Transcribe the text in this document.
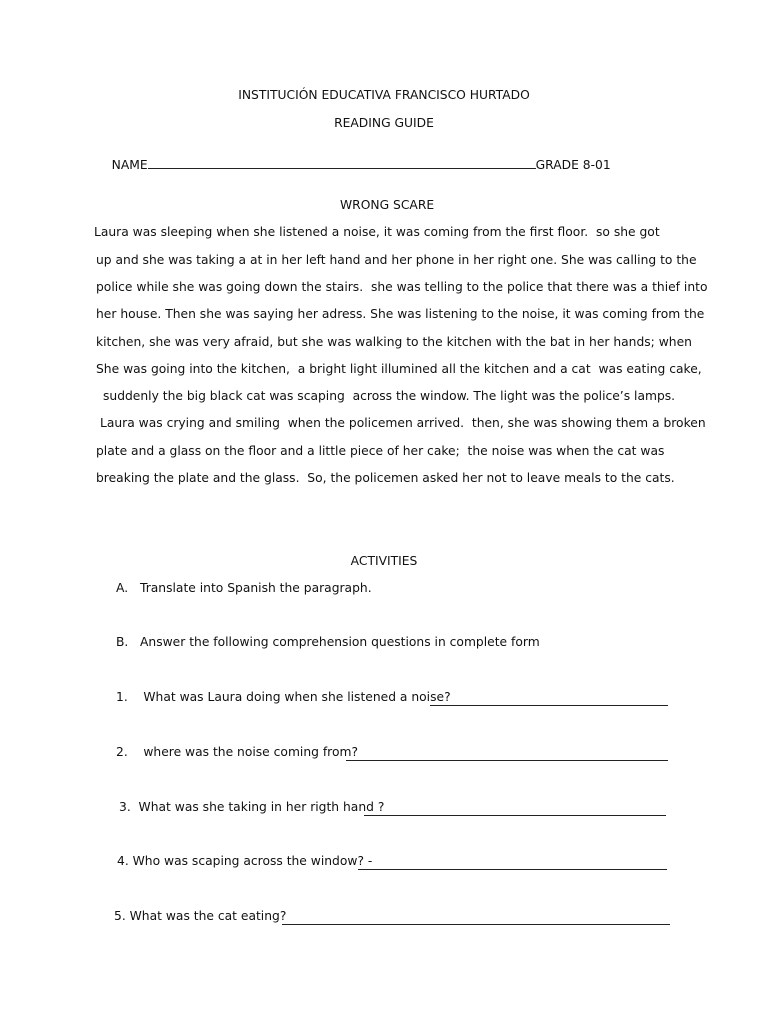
INSTITUCIÓN EDUCATIVA FRANCISCO HURTADO
READING GUIDE

NAME	GRADE 8-01

WRONG SCARE
Laura was sleeping when she listened a noise, it was coming from the first floor.  so she got
up and she was taking a at in her left hand and her phone in her right one. She was calling to the
police while she was going down the stairs.  she was telling to the police that there was a thief into
her house. Then she was saying her adress. She was listening to the noise, it was coming from the
kitchen, she was very afraid, but she was walking to the kitchen with the bat in her hands; when
She was going into the kitchen,  a bright light illumined all the kitchen and a cat  was eating cake,
suddenly the big black cat was scaping  across the window. The light was the police’s lamps.
Laura was crying and smiling  when the policemen arrived.  then, she was showing them a broken
plate and a glass on the floor and a little piece of her cake;  the noise was when the cat was
breaking the plate and the glass.  So, the policemen asked her not to leave meals to the cats.
ACTIVITIES
A. Translate into Spanish the paragraph.
B. Answer the following comprehension questions in complete form
1.    What was Laura doing when she listened a noise?
2.    where was the noise coming from?
3.  What was she taking in her rigth hand ?
4. Who was scaping across the window? -
5. What was the cat eating?
